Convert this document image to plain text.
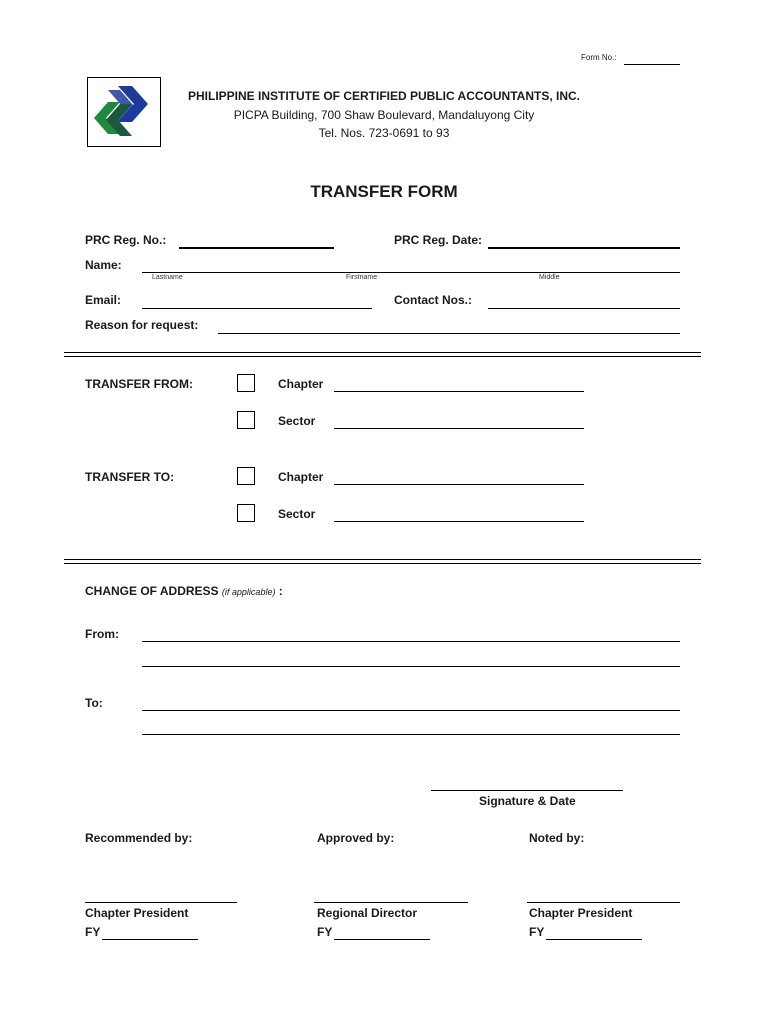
Form No.:
PHILIPPINE INSTITUTE OF CERTIFIED PUBLIC ACCOUNTANTS, INC.
PICPA Building, 700 Shaw Boulevard, Mandaluyong City
Tel. Nos. 723-0691 to 93
TRANSFER FORM
PRC Reg. No.:	PRC Reg. Date:
Name:
Lastname	Firstname	Middle
Email:	Contact Nos.:
Reason for request:
TRANSFER FROM:	Chapter
Sector
TRANSFER TO:	Chapter
Sector
CHANGE OF ADDRESS (if applicable) :
From:
To:
Signature & Date
Recommended by:	Approved by:	Noted by:
Chapter President	Regional Director	Chapter President
FY	FY	FY
